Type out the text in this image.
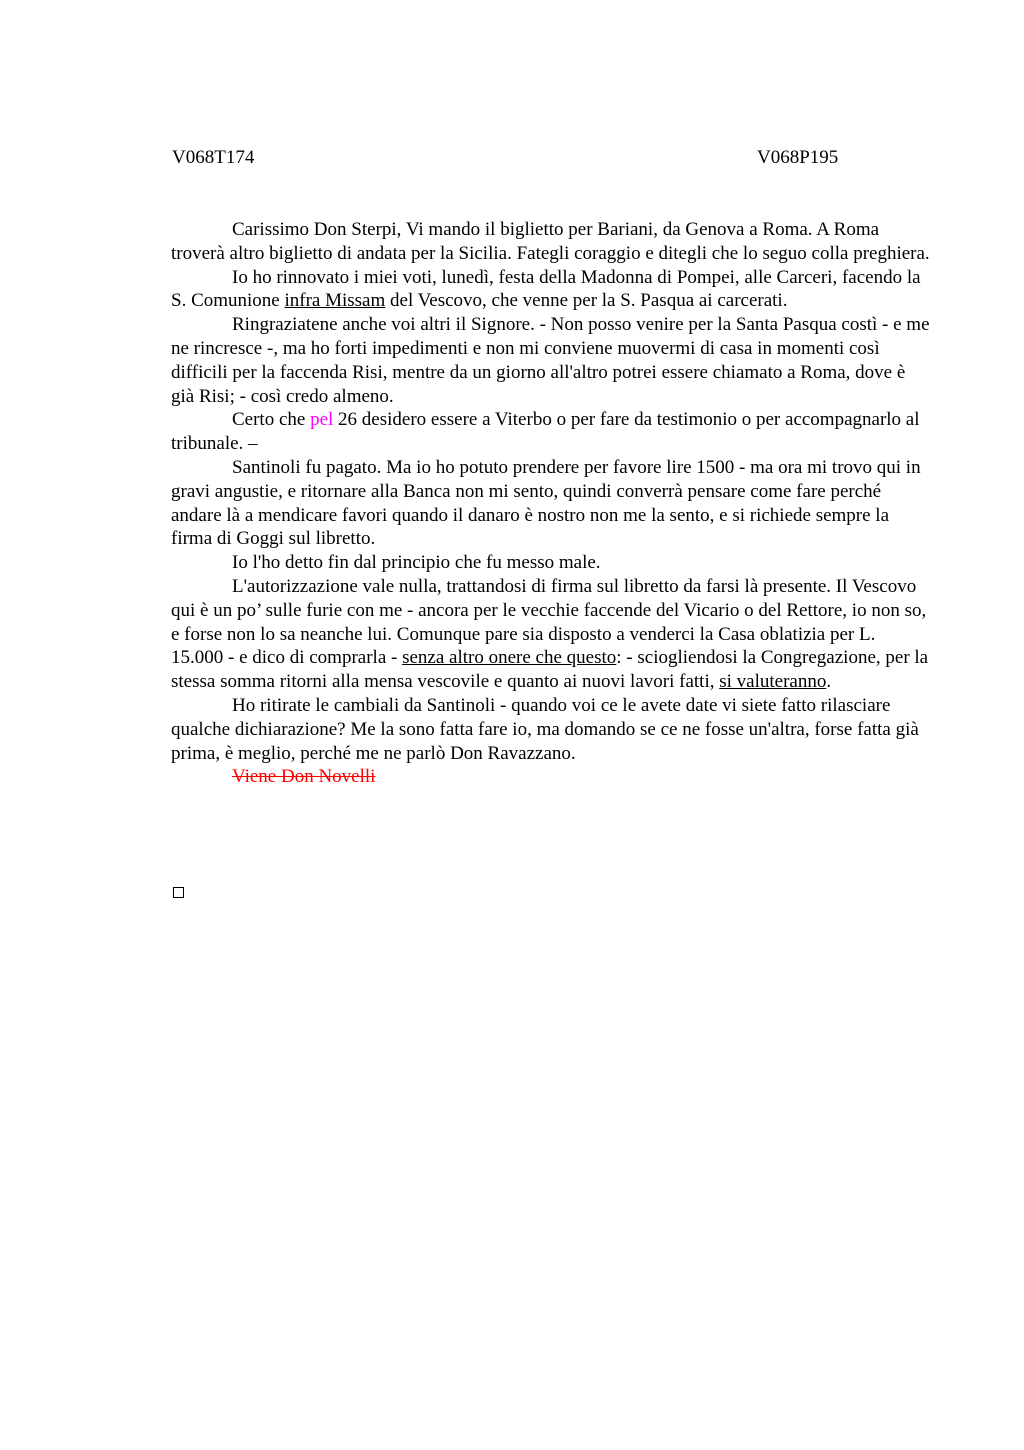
V068T174	V068P195

Carissimo Don Sterpi, Vi mando il biglietto per Bariani, da Genova a Roma. A Roma troverà altro biglietto di andata per la Sicilia. Fategli coraggio e ditegli che lo seguo colla preghiera.

Io ho rinnovato i miei voti, lunedì, festa della Madonna di Pompei, alle Carceri, facendo la S. Comunione infra Missam del Vescovo, che venne per la S. Pasqua ai carcerati.

Ringraziatene anche voi altri il Signore. - Non posso venire per la Santa Pasqua costì - e me ne rincresce -, ma ho forti impedimenti e non mi conviene muovermi di casa in momenti così difficili per la faccenda Risi, mentre da un giorno all'altro potrei essere chiamato a Roma, dove è già Risi; - così credo almeno.

Certo che pel 26 desidero essere a Viterbo o per fare da testimonio o per accompagnarlo al tribunale. –

Santinoli fu pagato. Ma io ho potuto prendere per favore lire 1500 - ma ora mi trovo qui in gravi angustie, e ritornare alla Banca non mi sento, quindi converrà pensare come fare perché andare là a mendicare favori quando il danaro è nostro non me la sento, e si richiede sempre la firma di Goggi sul libretto.

Io l'ho detto fin dal principio che fu messo male.

L'autorizzazione vale nulla, trattandosi di firma sul libretto da farsi là presente. Il Vescovo qui è un po’ sulle furie con me - ancora per le vecchie faccende del Vicario o del Rettore, io non so, e forse non lo sa neanche lui. Comunque pare sia disposto a venderci la Casa oblatizia per L. 15.000 - e dico di comprarla - senza altro onere che questo: - sciogliendosi la Congregazione, per la stessa somma ritorni alla mensa vescovile e quanto ai nuovi lavori fatti, si valuteranno.

Ho ritirate le cambiali da Santinoli - quando voi ce le avete date vi siete fatto rilasciare qualche dichiarazione? Me la sono fatta fare io, ma domando se ce ne fosse un'altra, forse fatta già prima, è meglio, perché me ne parlò Don Ravazzano.

Viene Don Novelli
